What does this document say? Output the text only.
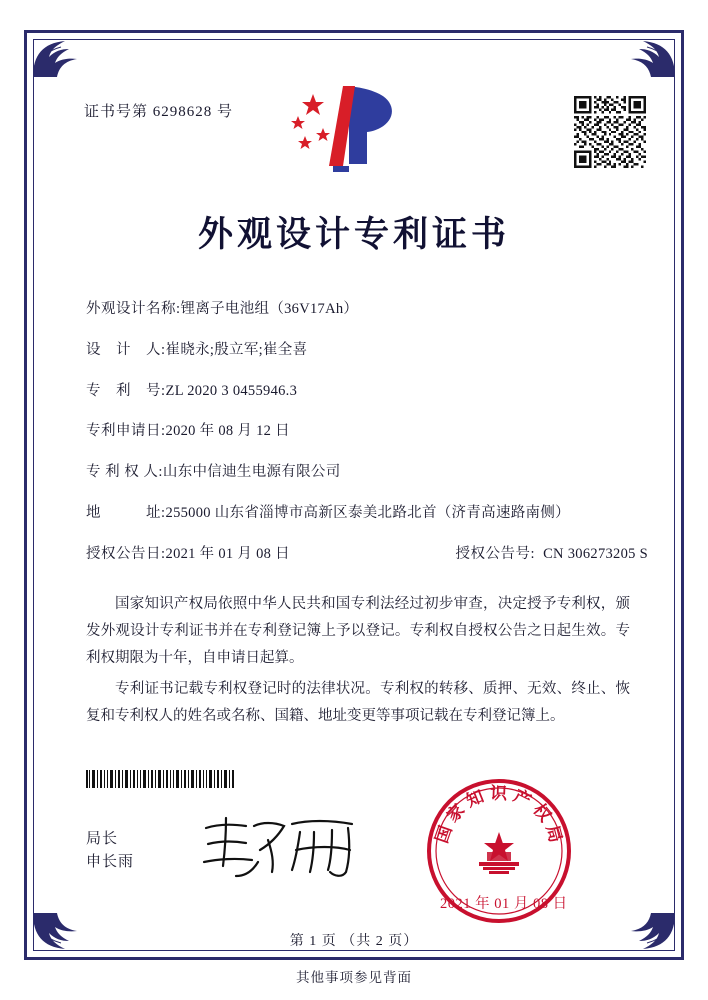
证书号第 6298628 号
外观设计专利证书
外观设计名称: 锂离子电池组（36V17Ah）
设　计　人: 崔晓永;殷立军;崔全喜
专　利　号: ZL 2020 3 0455946.3
专利申请日: 2020 年 08 月 12 日
专 利 权 人: 山东中信迪生电源有限公司
地　　　址: 255000 山东省淄博市高新区泰美北路北首（济青高速路南侧）
授权公告日: 2021 年 01 月 08 日	授权公告号: CN 306273205 S
国家知识产权局依照中华人民共和国专利法经过初步审查，决定授予专利权，颁发外观设计专利证书并在专利登记簿上予以登记。专利权自授权公告之日起生效。专利权期限为十年，自申请日起算。
专利证书记载专利权登记时的法律状况。专利权的转移、质押、无效、终止、恢复和专利权人的姓名或名称、国籍、地址变更等事项记载在专利登记簿上。
局长
申长雨
国家知识产权局
2021 年 01 月 08 日
第 1 页 （共 2 页）
其他事项参见背面
